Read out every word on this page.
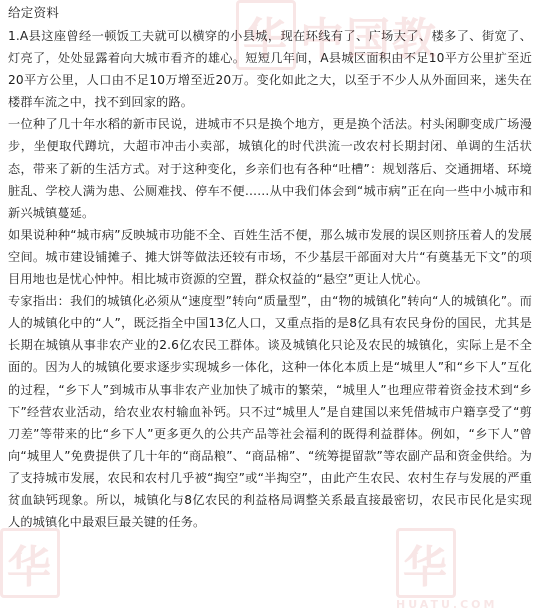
给定资料

1.A县这座曾经一顿饭工夫就可以横穿的小县城，现在环线有了、广场大了、楼多了、街宽了、灯亮了，处处显露着向大城市看齐的雄心。短短几年间，A县城区面积由不足10平方公里扩至近20平方公里，人口由不足10万增至近20万。变化如此之大，以至于不少人从外面回来，迷失在楼群车流之中，找不到回家的路。

一位种了几十年水稻的新市民说，进城市不只是换个地方，更是换个活法。村头闲聊变成广场漫步，坐便取代蹲坑，大超市冲击小卖部，城镇化的时代洪流一改农村长期封闭、单调的生活状态，带来了新的生活方式。对于这种变化，乡亲们也有各种“吐槽”：规划落后、交通拥堵、环境脏乱、学校人满为患、公厕难找、停车不便……从中我们体会到“城市病”正在向一些中小城市和新兴城镇蔓延。

如果说种种“城市病”反映城市功能不全、百姓生活不便，那么城市发展的误区则挤压着人的发展空间。城市建设铺摊子、摊大饼等做法还较有市场，不少基层干部面对大片“有奠基无下文”的项目用地也是忧心忡忡。相比城市资源的空置，群众权益的“悬空”更让人忧心。

专家指出：我们的城镇化必须从“速度型”转向“质量型”，由“物的城镇化”转向“人的城镇化”。而人的城镇化中的“人”，既泛指全中国13亿人口，又重点指的是8亿具有农民身份的国民，尤其是长期在城镇从事非农产业的2.6亿农民工群体。谈及城镇化只论及农民的城镇化，实际上是不全面的。因为人的城镇化要求逐步实现城乡一体化，这种一体化本质上是“城里人”和“乡下人”互化的过程，“乡下人”到城市从事非农产业加快了城市的繁荣，“城里人”也理应带着资金技术到“乡下”经营农业活动，给农业农村输血补钙。只不过“城里人”是自建国以来凭借城市户籍享受了“剪刀差”等带来的比“乡下人”更多更久的公共产品等社会福利的既得利益群体。例如，“乡下人”曾向“城里人”免费提供了几十年的“商品粮”、“商品棉”、“统筹提留款”等农副产品和资金供给。为了支持城市发展，农民和农村几乎被“掏空”或“半掏空”，由此产生农民、农村生存与发展的严重贫血缺钙现象。所以，城镇化与8亿农民的利益格局调整关系最直接最密切，农民市民化是实现人的城镇化中最艰巨最关键的任务。

华 中国教
华	华
HUATU.COM
